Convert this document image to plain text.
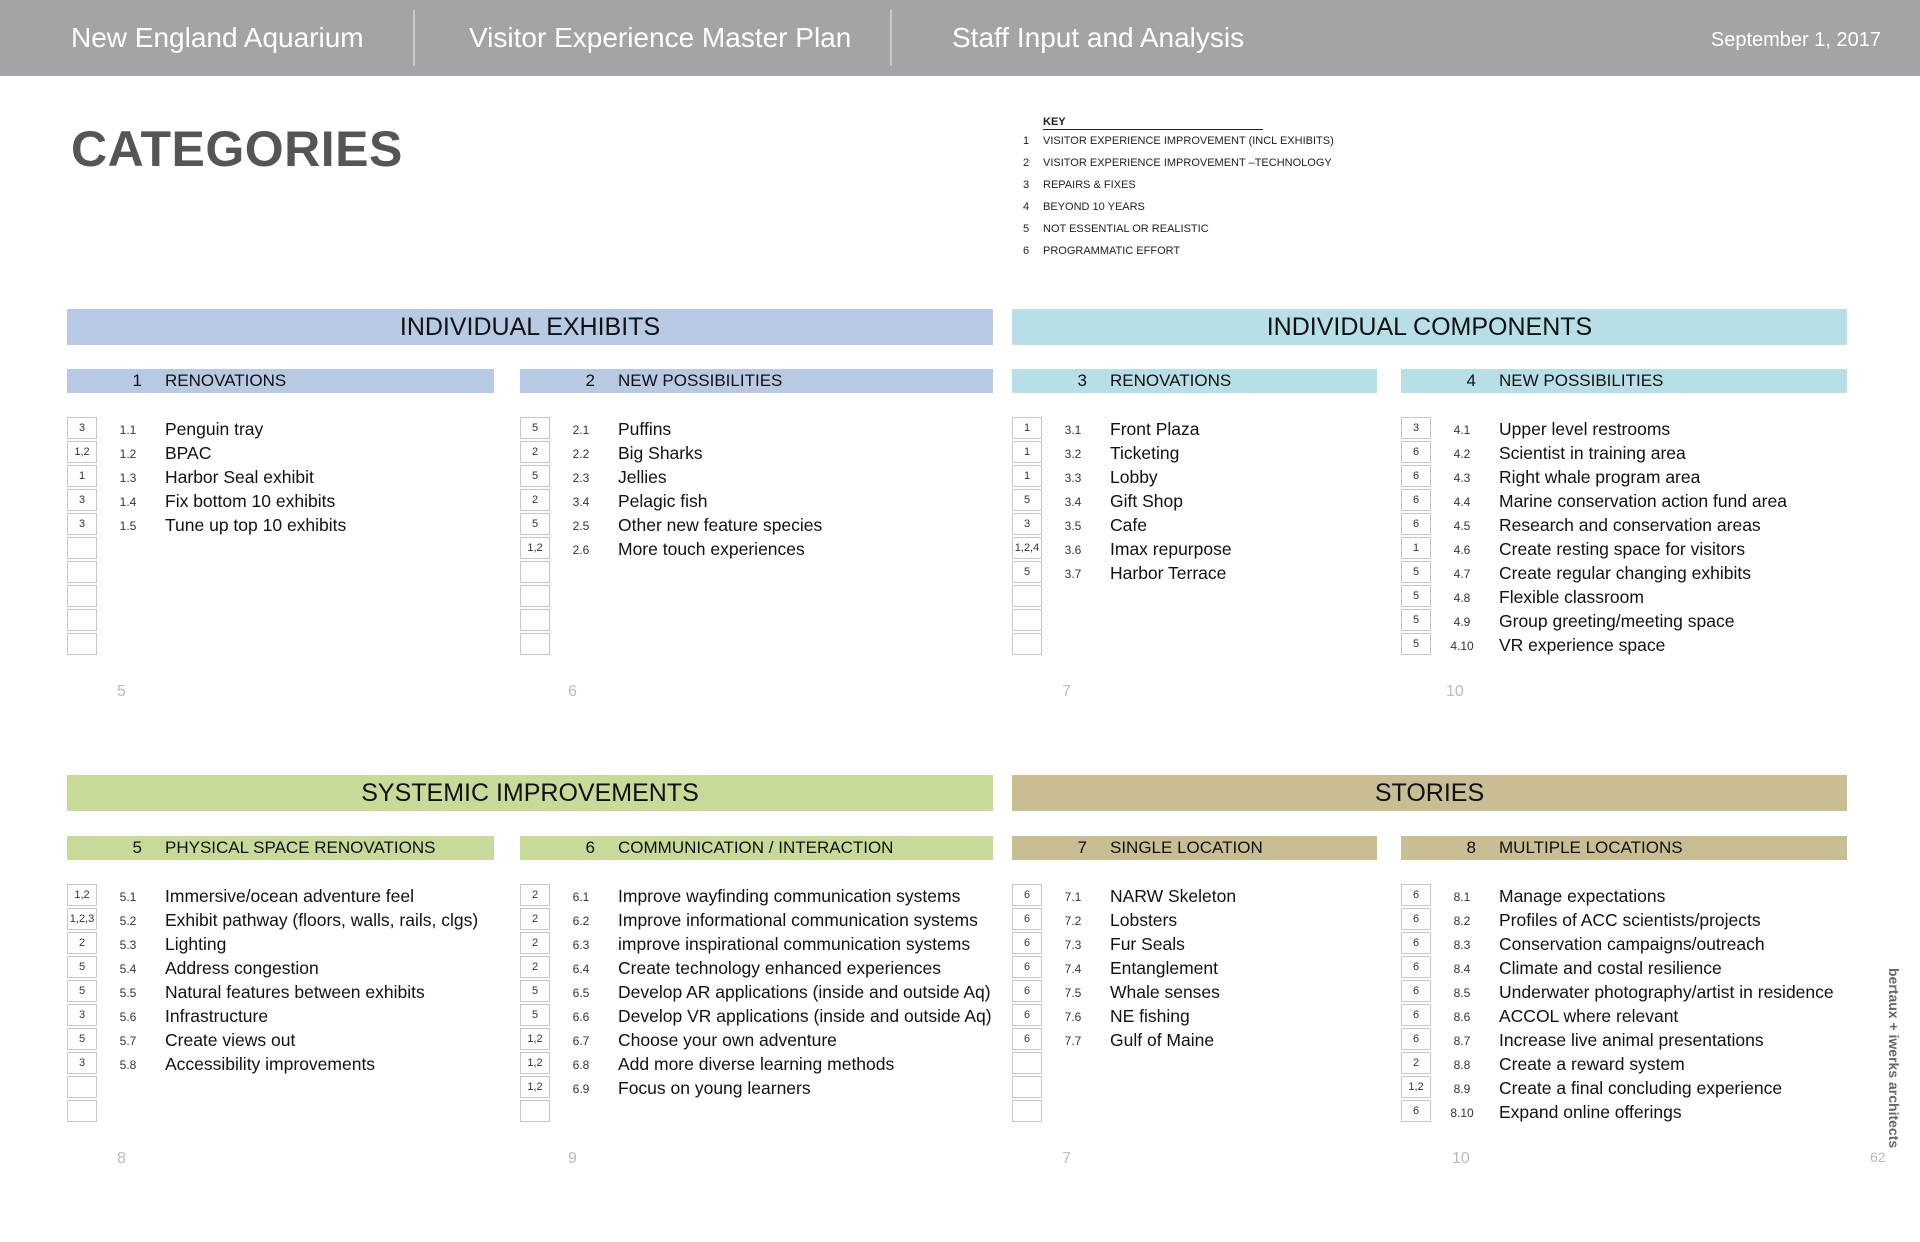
New England Aquarium	Visitor Experience Master Plan	Staff Input and Analysis	September 1, 2017
CATEGORIES	KEY
1	VISITOR EXPERIENCE IMPROVEMENT (INCL EXHIBITS)
2	VISITOR EXPERIENCE IMPROVEMENT –TECHNOLOGY
3	REPAIRS & FIXES
4	BEYOND 10 YEARS
5	NOT ESSENTIAL OR REALISTIC
6	PROGRAMMATIC EFFORT
INDIVIDUAL EXHIBITS	INDIVIDUAL COMPONENTS
SYSTEMIC IMPROVEMENTS	STORIES
1 RENOVATIONS
3	1.1	Penguin tray
1,2	1.2	BPAC
1	1.3	Harbor Seal exhibit
3	1.4	Fix bottom 10 exhibits
3	1.5	Tune up top 10 exhibits
5
2 NEW POSSIBILITIES
5	2.1	Puffins
2	2.2	Big Sharks
5	2.3	Jellies
2	3.4	Pelagic fish
5	2.5	Other new feature species
1,2	2.6	More touch experiences
6
3 RENOVATIONS
1	3.1	Front Plaza
1	3.2	Ticketing
1	3.3	Lobby
5	3.4	Gift Shop
3	3.5	Cafe
1,2,4	3.6	Imax repurpose
5	3.7	Harbor Terrace
7
4 NEW POSSIBILITIES
3	4.1	Upper level restrooms
6	4.2	Scientist in training area
6	4.3	Right whale program area
6	4.4	Marine conservation action fund area
6	4.5	Research and conservation areas
1	4.6	Create resting space for visitors
5	4.7	Create regular changing exhibits
5	4.8	Flexible classroom
5	4.9	Group greeting/meeting space
5	4.10	VR experience space
10
5 PHYSICAL SPACE RENOVATIONS
1,2	5.1	Immersive/ocean adventure feel
1,2,3	5.2	Exhibit pathway (floors, walls, rails, clgs)
2	5.3	Lighting
5	5.4	Address congestion
5	5.5	Natural features between exhibits
3	5.6	Infrastructure
5	5.7	Create views out
3	5.8	Accessibility improvements
8
6 COMMUNICATION / INTERACTION
2	6.1	Improve wayfinding communication systems
2	6.2	Improve informational communication systems
2	6.3	improve inspirational communication systems
2	6.4	Create technology enhanced experiences
5	6.5	Develop AR applications (inside and outside Aq)
5	6.6	Develop VR applications (inside and outside Aq)
1,2	6.7	Choose your own adventure
1,2	6.8	Add more diverse learning methods
1,2	6.9	Focus on young learners
9
7 SINGLE LOCATION
6	7.1	NARW Skeleton
6	7.2	Lobsters
6	7.3	Fur Seals
6	7.4	Entanglement
6	7.5	Whale senses
6	7.6	NE fishing
6	7.7	Gulf of Maine
7
8 MULTIPLE LOCATIONS
6	8.1	Manage expectations
6	8.2	Profiles of ACC scientists/projects
6	8.3	Conservation campaigns/outreach
6	8.4	Climate and costal resilience
6	8.5	Underwater photography/artist in residence
6	8.6	ACCOL where relevant
6	8.7	Increase live animal presentations
2	8.8	Create a reward system
1,2	8.9	Create a final concluding experience
6	8.10	Expand online offerings
10
bertaux + iwerks architects
62
